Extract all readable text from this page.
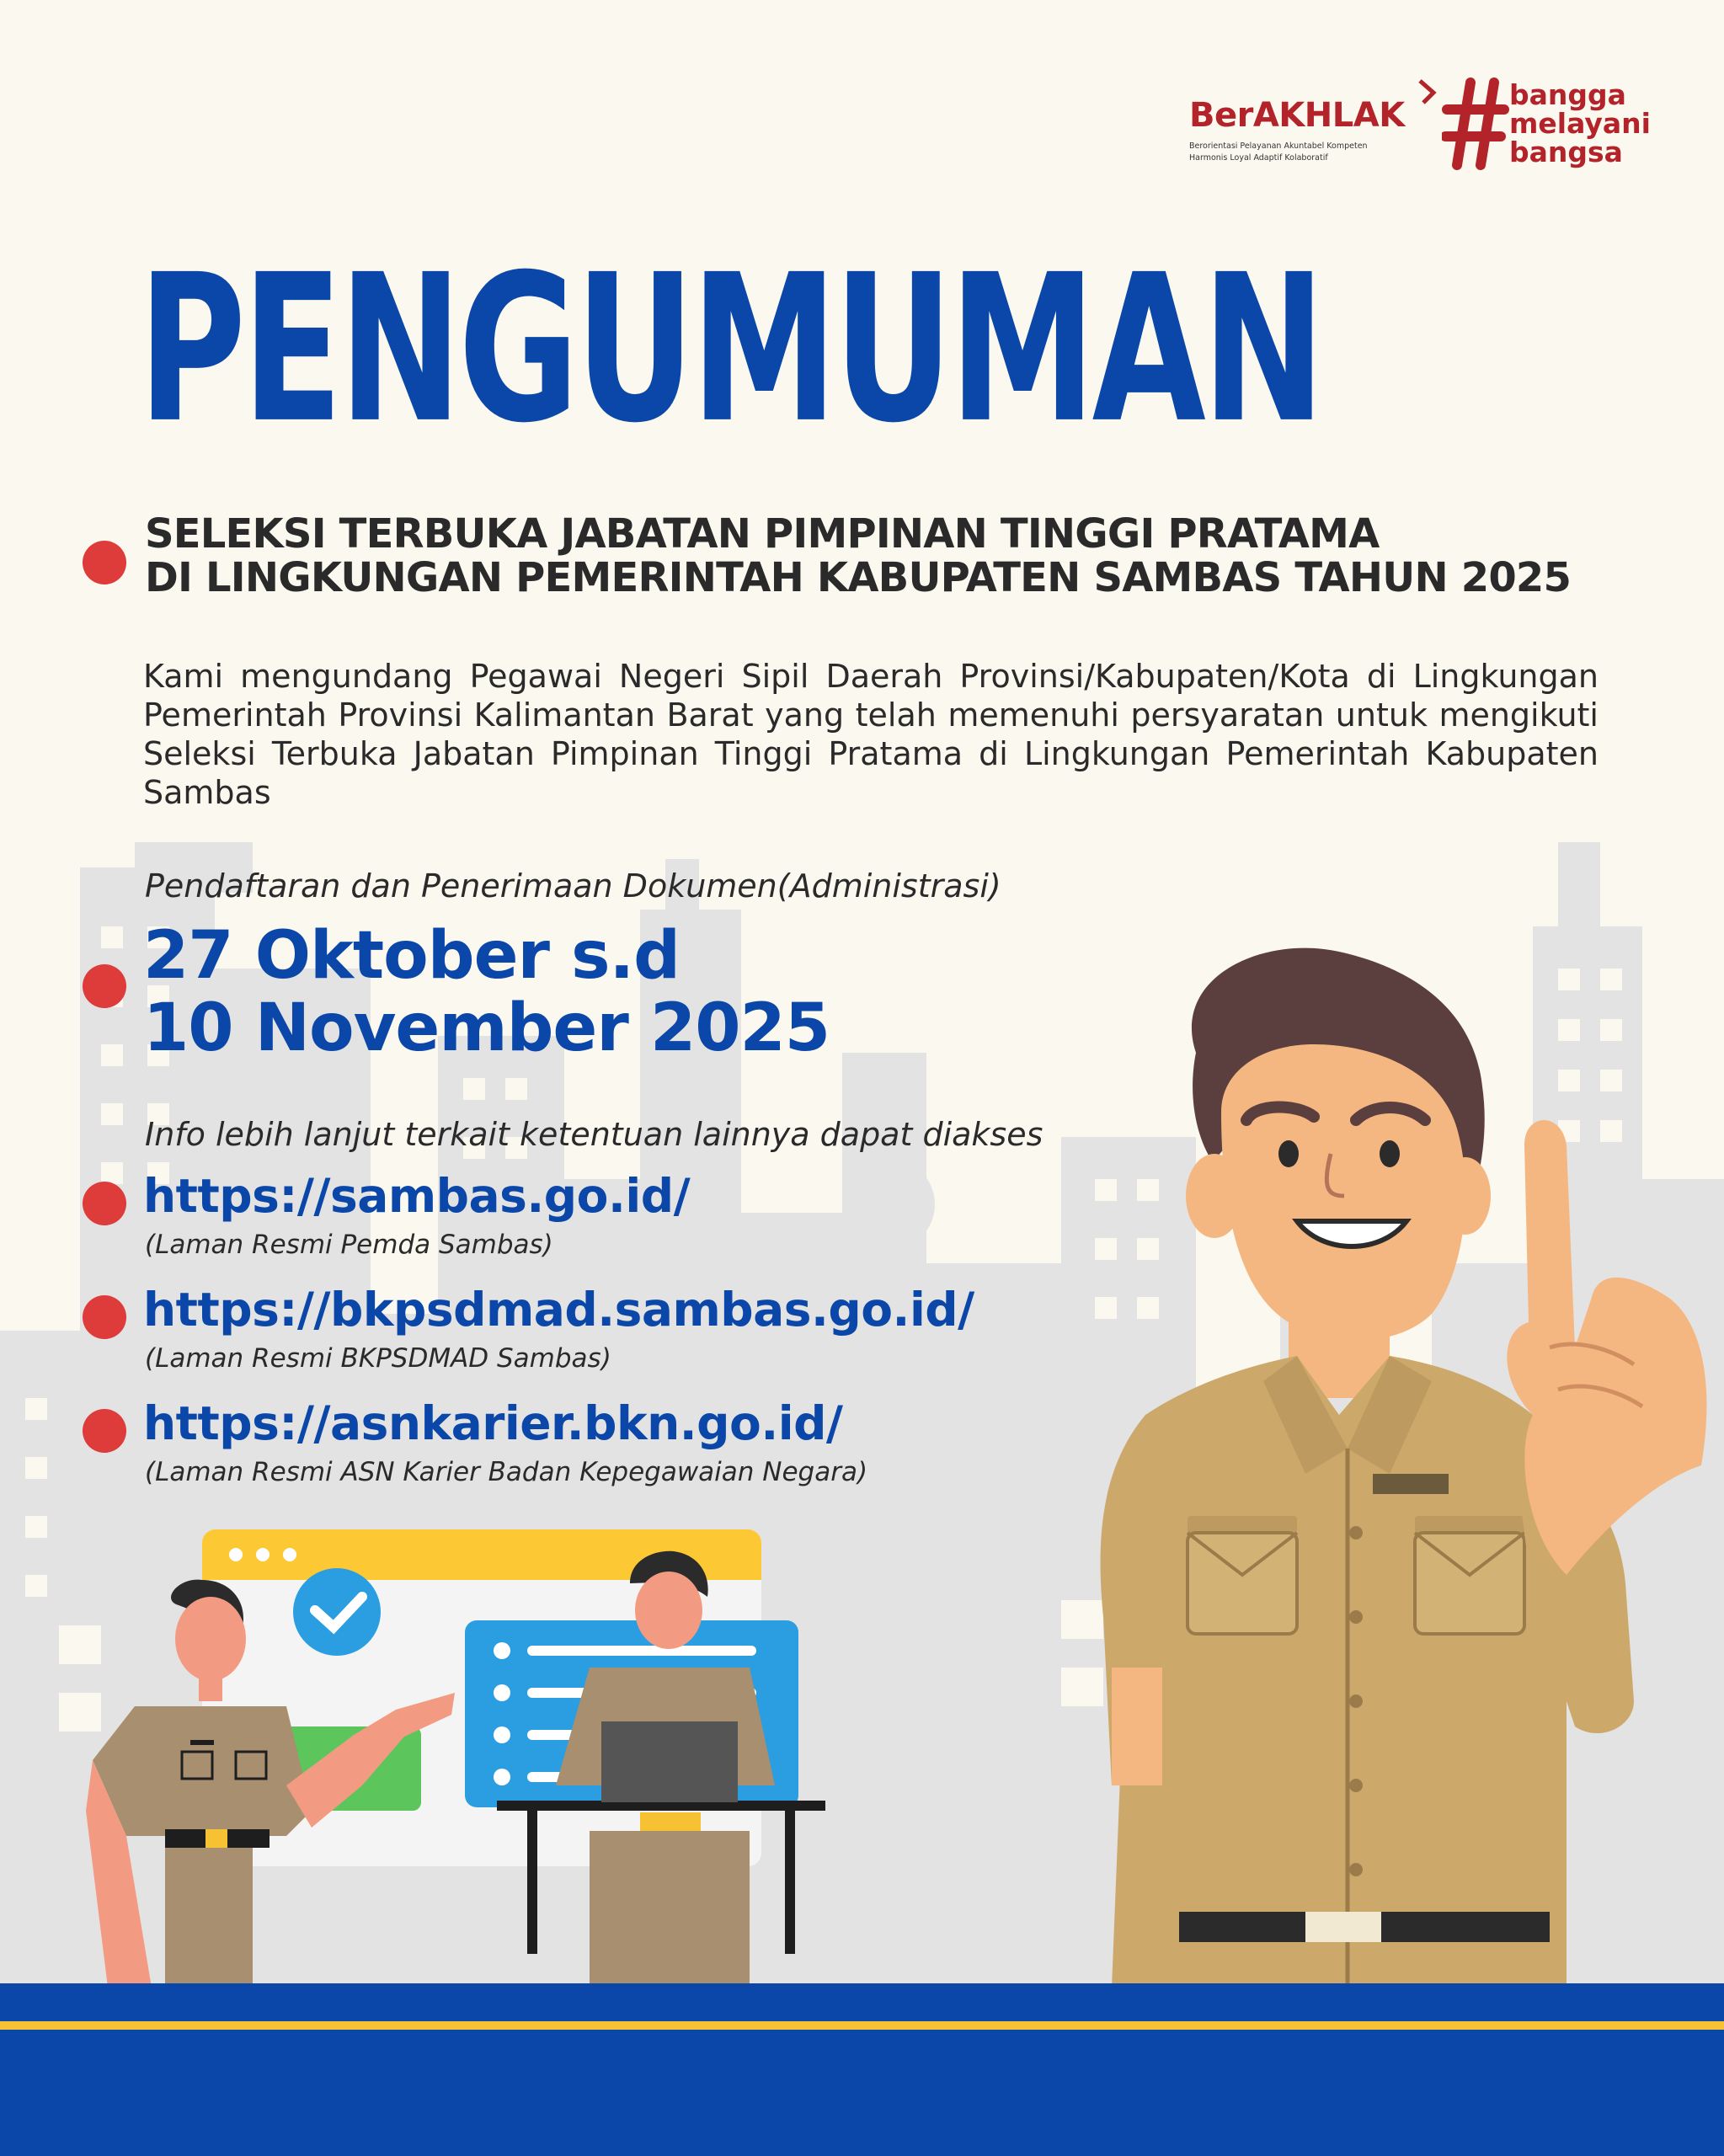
BerAKHLAK
Berorientasi Pelayanan Akuntabel Kompeten
Harmonis Loyal Adaptif Kolaboratif
bangga
melayani
bangsa
PENGUMUMAN
SELEKSI TERBUKA JABATAN PIMPINAN TINGGI PRATAMA
DI LINGKUNGAN PEMERINTAH KABUPATEN SAMBAS TAHUN 2025
Kami mengundang Pegawai Negeri Sipil Daerah Provinsi/Kabupaten/Kota di Lingkungan Pemerintah Provinsi Kalimantan Barat yang telah memenuhi persyaratan untuk mengikuti Seleksi Terbuka Jabatan Pimpinan Tinggi Pratama di Lingkungan Pemerintah Kabupaten Sambas
Pendaftaran dan Penerimaan Dokumen(Administrasi)
27 Oktober s.d
10 November 2025
Info lebih lanjut terkait ketentuan lainnya dapat diakses
https://sambas.go.id/
(Laman Resmi Pemda Sambas)
https://bkpsdmad.sambas.go.id/
(Laman Resmi BKPSDMAD Sambas)
https://asnkarier.bkn.go.id/
(Laman Resmi ASN Karier Badan Kepegawaian Negara)
